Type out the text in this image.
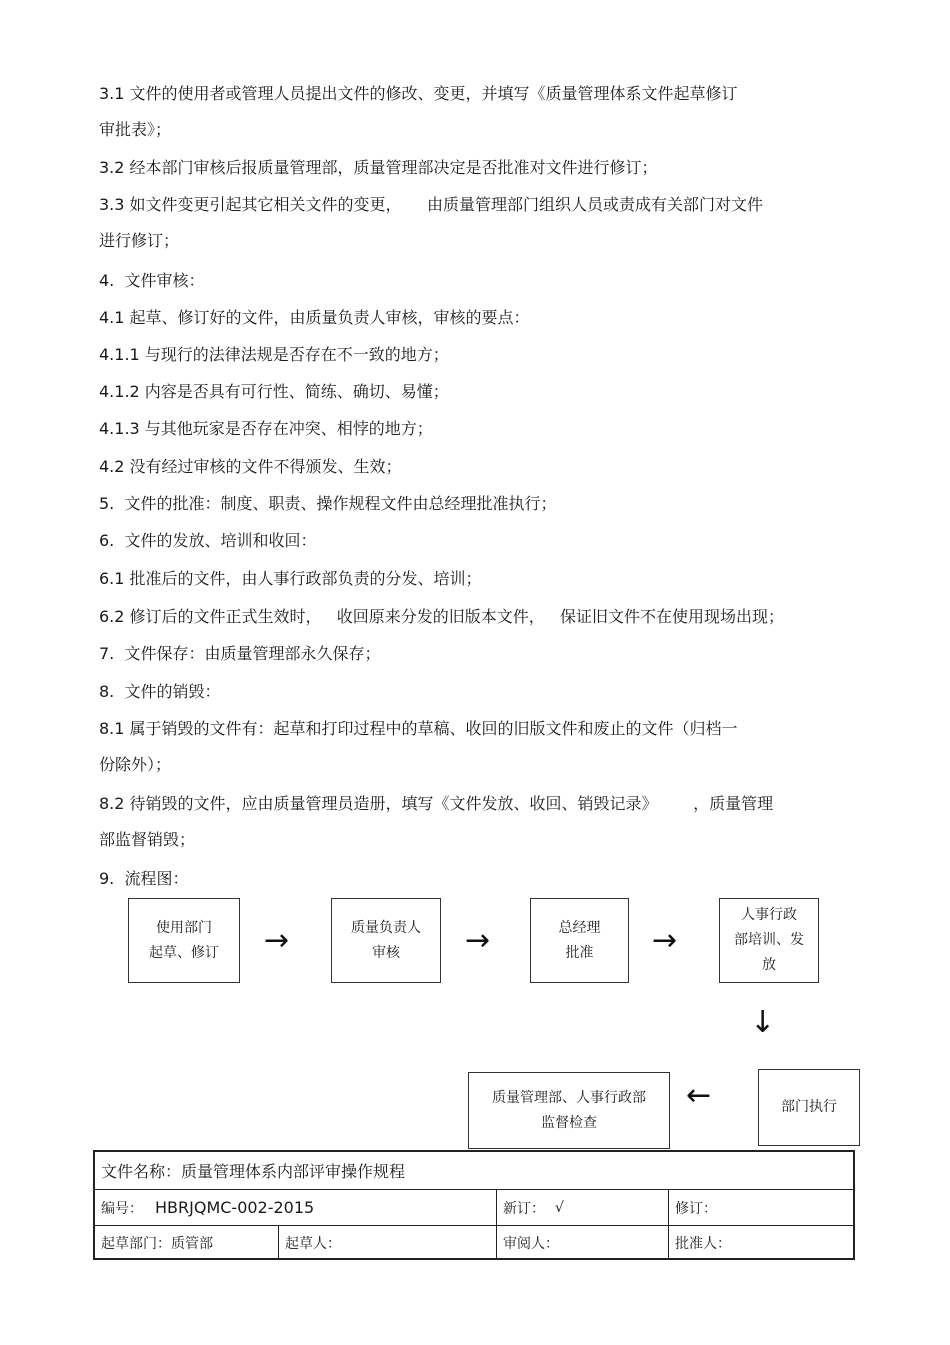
3.1 文件的使用者或管理人员提出文件的修改、变更，并填写《质量管理体系文件起草修订
审批表》；

3.2 经本部门审核后报质量管理部，质量管理部决定是否批准对文件进行修订；

3.3 如文件变更引起其它相关文件的变更，     由质量管理部门组织人员或责成有关部门对文件
进行修订；

4.  文件审核：

4.1 起草、修订好的文件，由质量负责人审核，审核的要点：

4.1.1 与现行的法律法规是否存在不一致的地方；

4.1.2 内容是否具有可行性、简练、确切、易懂；

4.1.3 与其他玩家是否存在冲突、相悖的地方；

4.2 没有经过审核的文件不得颁发、生效；

5.  文件的批准：制度、职责、操作规程文件由总经理批准执行；

6.  文件的发放、培训和收回：

6.1 批准后的文件，由人事行政部负责的分发、培训；

6.2 修订后的文件正式生效时，   收回原来分发的旧版本文件，   保证旧文件不在使用现场出现；

7.  文件保存：由质量管理部永久保存；

8.  文件的销毁：

8.1 属于销毁的文件有：起草和打印过程中的草稿、收回的旧版文件和废止的文件（归档一
份除外）；

8.2 待销毁的文件，应由质量管理员造册，填写《文件发放、收回、销毁记录》       ，质量管理
部监督销毁；

9.  流程图：

使用部门
起草、修订	→	质量负责人
审核	→	总经理
批准	→
人事行政
部培训、发
放
↓
部门执行
←
质量管理部、人事行政部
监督检查
文件名称： 质量管理体系内部评审操作规程
编号： HBRJQMC-002-2015	新订： √	修订：
起草部门： 质管部	起草人：	审阅人：	批准人：
